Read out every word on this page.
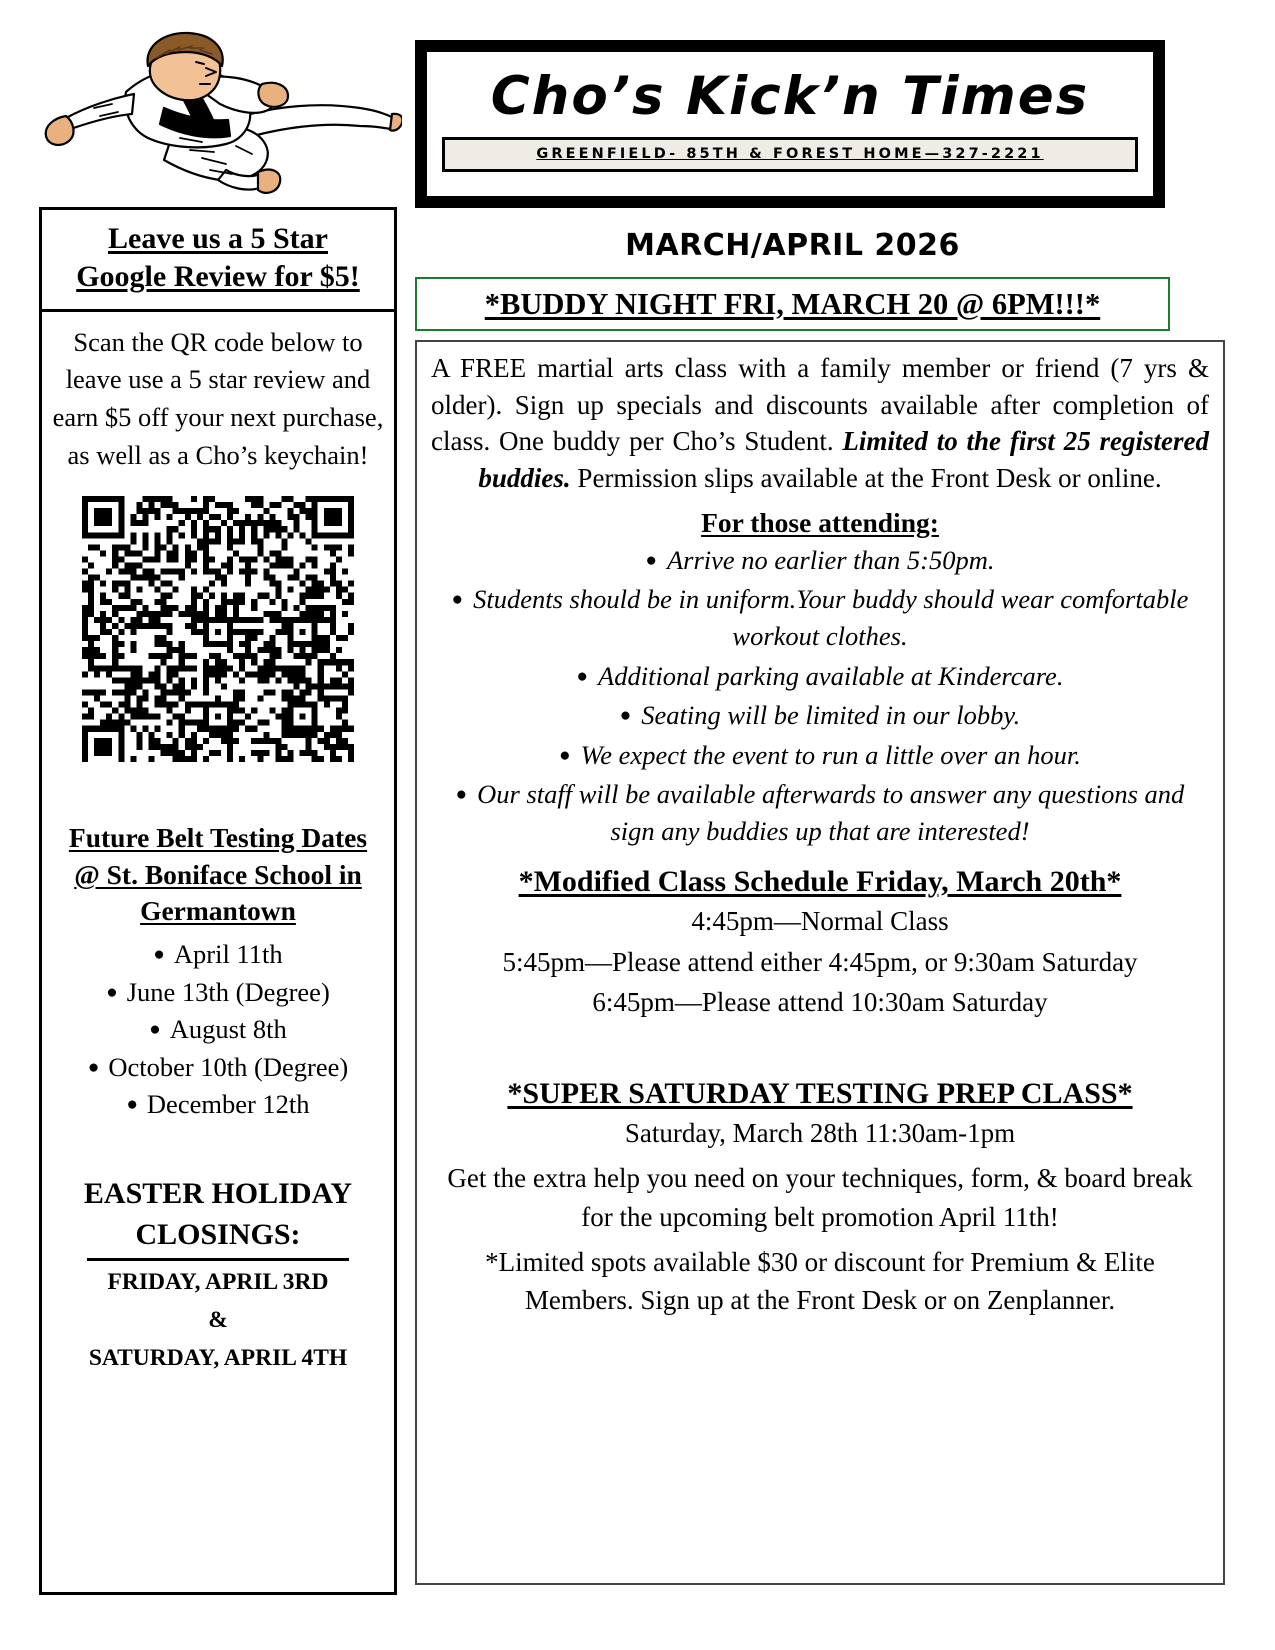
Cho’s Kick’n Times
GREENFIELD- 85TH & FOREST HOME—327-2221
Leave us a 5 Star
Google Review for $5!

Scan the QR code below to leave use a 5 star review and earn $5 off your next purchase, as well as a Cho’s keychain!

Future Belt Testing Dates
@ St. Boniface School in
Germantown
● April 11th
● June 13th (Degree)
● August 8th
● October 10th (Degree)
● December 12th
EASTER HOLIDAY
CLOSINGS:
FRIDAY, APRIL 3RD
&
SATURDAY, APRIL 4TH
MARCH/APRIL 2026
*BUDDY NIGHT FRI, MARCH 20 @ 6PM!!!*

A FREE martial arts class with a family member or friend (7 yrs & older). Sign up specials and discounts available after completion of class. One buddy per Cho’s Student. Limited to the first 25 registered buddies. Permission slips available at the Front Desk or online.

For those attending:
● Arrive no earlier than 5:50pm.
● Students should be in uniform.Your buddy should wear comfortable workout clothes.
● Additional parking available at Kindercare.
● Seating will be limited in our lobby.
● We expect the event to run a little over an hour.
● Our staff will be available afterwards to answer any questions and sign any buddies up that are interested!
*Modified Class Schedule Friday, March 20th*
4:45pm—Normal Class
5:45pm—Please attend either 4:45pm, or 9:30am Saturday
6:45pm—Please attend 10:30am Saturday
*SUPER SATURDAY TESTING PREP CLASS*
Saturday, March 28th 11:30am-1pm

Get the extra help you need on your techniques, form, & board break for the upcoming belt promotion April 11th!

*Limited spots available $30 or discount for Premium & Elite Members. Sign up at the Front Desk or on Zenplanner.
